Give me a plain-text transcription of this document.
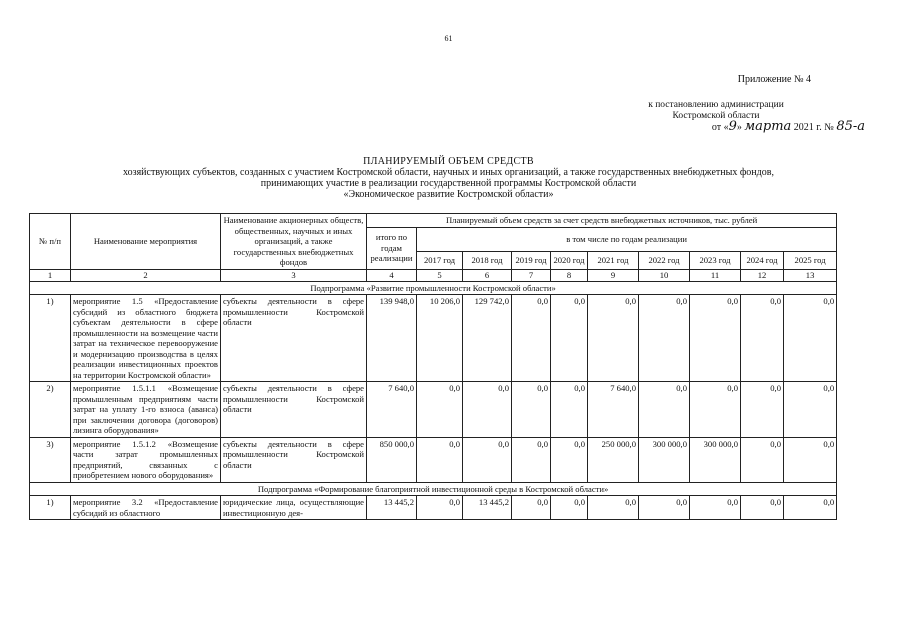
61
Приложение № 4
к постановлению администрации
Костромской области
от «9» марта 2021 г. № 85-а
ПЛАНИРУЕМЫЙ ОБЪЕМ СРЕДСТВ
хозяйствующих субъектов, созданных с участием Костромской области, научных и иных организаций, а также государственных внебюджетных фондов,
принимающих участие в реализации государственной программы Костромской области
«Экономическое развитие Костромской области»
№ п/п	Наименование мероприятия	Наименование акционерных обществ, общественных, научных и иных организаций, а также государственных внебюджетных фондов	Планируемый объем средств за счет средств внебюджетных источников, тыс. рублей									
			итого по годам реализации	в том числе по годам реализации								
				2017 год	2018 год	2019 год	2020 год	2021 год	2022 год	2023 год	2024 год	2025 год
1	2	3	4	5	6	7	8	9	10	11	12	13
Подпрограмма «Развитие промышленности Костромской области»												
1)	мероприятие 1.5 «Предоставление субсидий из областного бюджета субъектам деятельности в сфере промышленности на возмещение части затрат на техническое перевооружение и модернизацию производства в целях реализации инвестиционных проектов на территории Костромской области»	субъекты деятельности в сфере промышленности Костромской области	139 948,0	10 206,0	129 742,0	0,0	0,0	0,0	0,0	0,0	0,0	0,0
2)	мероприятие 1.5.1.1 «Возмещение промышленным предприятиям части затрат на уплату 1-го взноса (аванса) при заключении договора (договоров) лизинга оборудования»	субъекты деятельности в сфере промышленности Костромской области	7 640,0	0,0	0,0	0,0	0,0	7 640,0	0,0	0,0	0,0	0,0
3)	мероприятие 1.5.1.2 «Возмещение части затрат промышленных предприятий, связанных с приобретением нового оборудования»	субъекты деятельности в сфере промышленности Костромской области	850 000,0	0,0	0,0	0,0	0,0	250 000,0	300 000,0	300 000,0	0,0	0,0
Подпрограмма «Формирование благоприятной инвестиционной среды в Костромской области»												
1)	мероприятие 3.2 «Предоставление субсидий из областного	юридические лица, осуществляющие инвестиционную дея-	13 445,2	0,0	13 445,2	0,0	0,0	0,0	0,0	0,0	0,0	0,0
